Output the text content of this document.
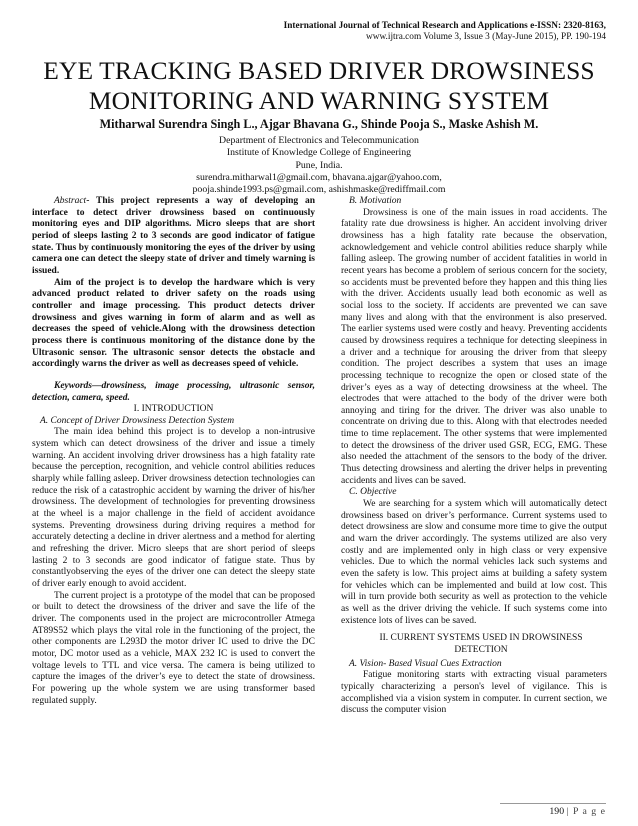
International Journal of Technical Research and Applications e-ISSN: 2320-8163,
www.ijtra.com Volume 3, Issue 3 (May-June 2015), PP. 190-194
EYE TRACKING BASED DRIVER DROWSINESS
MONITORING AND WARNING SYSTEM
Mitharwal Surendra Singh L., Ajgar Bhavana G., Shinde Pooja S., Maske Ashish M.
Department of Electronics and Telecommunication
Institute of Knowledge College of Engineering
Pune, India.
surendra.mitharwal1@gmail.com, bhavana.ajgar@yahoo.com,
pooja.shinde1993.ps@gmail.com, ashishmaske@rediffmail.com

Abstract- This project represents a way of developing an interface to detect driver drowsiness based on continuously monitoring eyes and DIP algorithms. Micro sleeps that are short period of sleeps lasting 2 to 3 seconds are good indicator of fatigue state. Thus by continuously monitoring the eyes of the driver by using camera one can detect the sleepy state of driver and timely warning is issued.

Aim of the project is to develop the hardware which is very advanced product related to driver safety on the roads using controller and image processing. This product detects driver drowsiness and gives warning in form of alarm and as well as decreases the speed of vehicle.Along with the drowsiness detection process there is continuous monitoring of the distance done by the Ultrasonic sensor. The ultrasonic sensor detects the obstacle and accordingly warns the driver as well as decreases speed of vehicle.

Keywords—drowsiness, image processing, ultrasonic sensor, detection, camera, speed.

I. INTRODUCTION

A. Concept of Driver Drowsiness Detection System

The main idea behind this project is to develop a non-intrusive system which can detect drowsiness of the driver and issue a timely warning. An accident involving driver drowsiness has a high fatality rate because the perception, recognition, and vehicle control abilities reduces sharply while falling asleep. Driver drowsiness detection technologies can reduce the risk of a catastrophic accident by warning the driver of his/her drowsiness. The development of technologies for preventing drowsiness at the wheel is a major challenge in the field of accident avoidance systems. Preventing drowsiness during driving requires a method for accurately detecting a decline in driver alertness and a method for alerting and refreshing the driver. Micro sleeps that are short period of sleeps lasting 2 to 3 seconds are good indicator of fatigue state. Thus by constantlyobserving the eyes of the driver one can detect the sleepy state of driver early enough to avoid accident.

The current project is a prototype of the model that can be proposed or built to detect the drowsiness of the driver and save the life of the driver. The components used in the project are microcontroller Atmega AT89S52 which plays the vital role in the functioning of the project, the other components are L293D the motor driver IC used to drive the DC motor, DC motor used as a vehicle, MAX 232 IC is used to convert the voltage levels to TTL and vice versa. The camera is being utilized to capture the images of the driver’s eye to detect the state of drowsiness. For powering up the whole system we are using transformer based regulated supply.

B. Motivation

Drowsiness is one of the main issues in road accidents. The fatality rate due drowsiness is higher. An accident involving driver drowsiness has a high fatality rate because the observation, acknowledgement and vehicle control abilities reduce sharply while falling asleep. The growing number of accident fatalities in world in recent years has become a problem of serious concern for the society, so accidents must be prevented before they happen and this thing lies with the driver. Accidents usually lead both economic as well as social loss to the society. If accidents are prevented we can save many lives and along with that the environment is also preserved. The earlier systems used were costly and heavy. Preventing accidents caused by drowsiness requires a technique for detecting sleepiness in a driver and a technique for arousing the driver from that sleepy condition. The project describes a system that uses an image processing technique to recognize the open or closed state of the driver’s eyes as a way of detecting drowsiness at the wheel. The electrodes that were attached to the body of the driver were both annoying and tiring for the driver. The driver was also unable to concentrate on driving due to this. Along with that electrodes needed time to time replacement. The other systems that were implemented to detect the drowsiness of the driver used GSR, ECG, EMG. These also needed the attachment of the sensors to the body of the driver. Thus detecting drowsiness and alerting the driver helps in preventing accidents and lives can be saved.

C. Objective

We are searching for a system which will automatically detect drowsiness based on driver’s performance. Current systems used to detect drowsiness are slow and consume more time to give the output and warn the driver accordingly. The systems utilized are also very costly and are implemented only in high class or very expensive vehicles. Due to which the normal vehicles lack such systems and even the safety is low. This project aims at building a safety system for vehicles which can be implemented and build at low cost. This will in turn provide both security as well as protection to the vehicle as well as the driver driving the vehicle. If such systems come into existence lots of lives can be saved.

II. CURRENT SYSTEMS USED IN DROWSINESS
DETECTION

A. Vision- Based Visual Cues Extraction

Fatigue monitoring starts with extracting visual parameters typically characterizing a person's level of vigilance. This is accomplished via a vision system in computer. In current section, we discuss the computer vision

190 | P a g e
